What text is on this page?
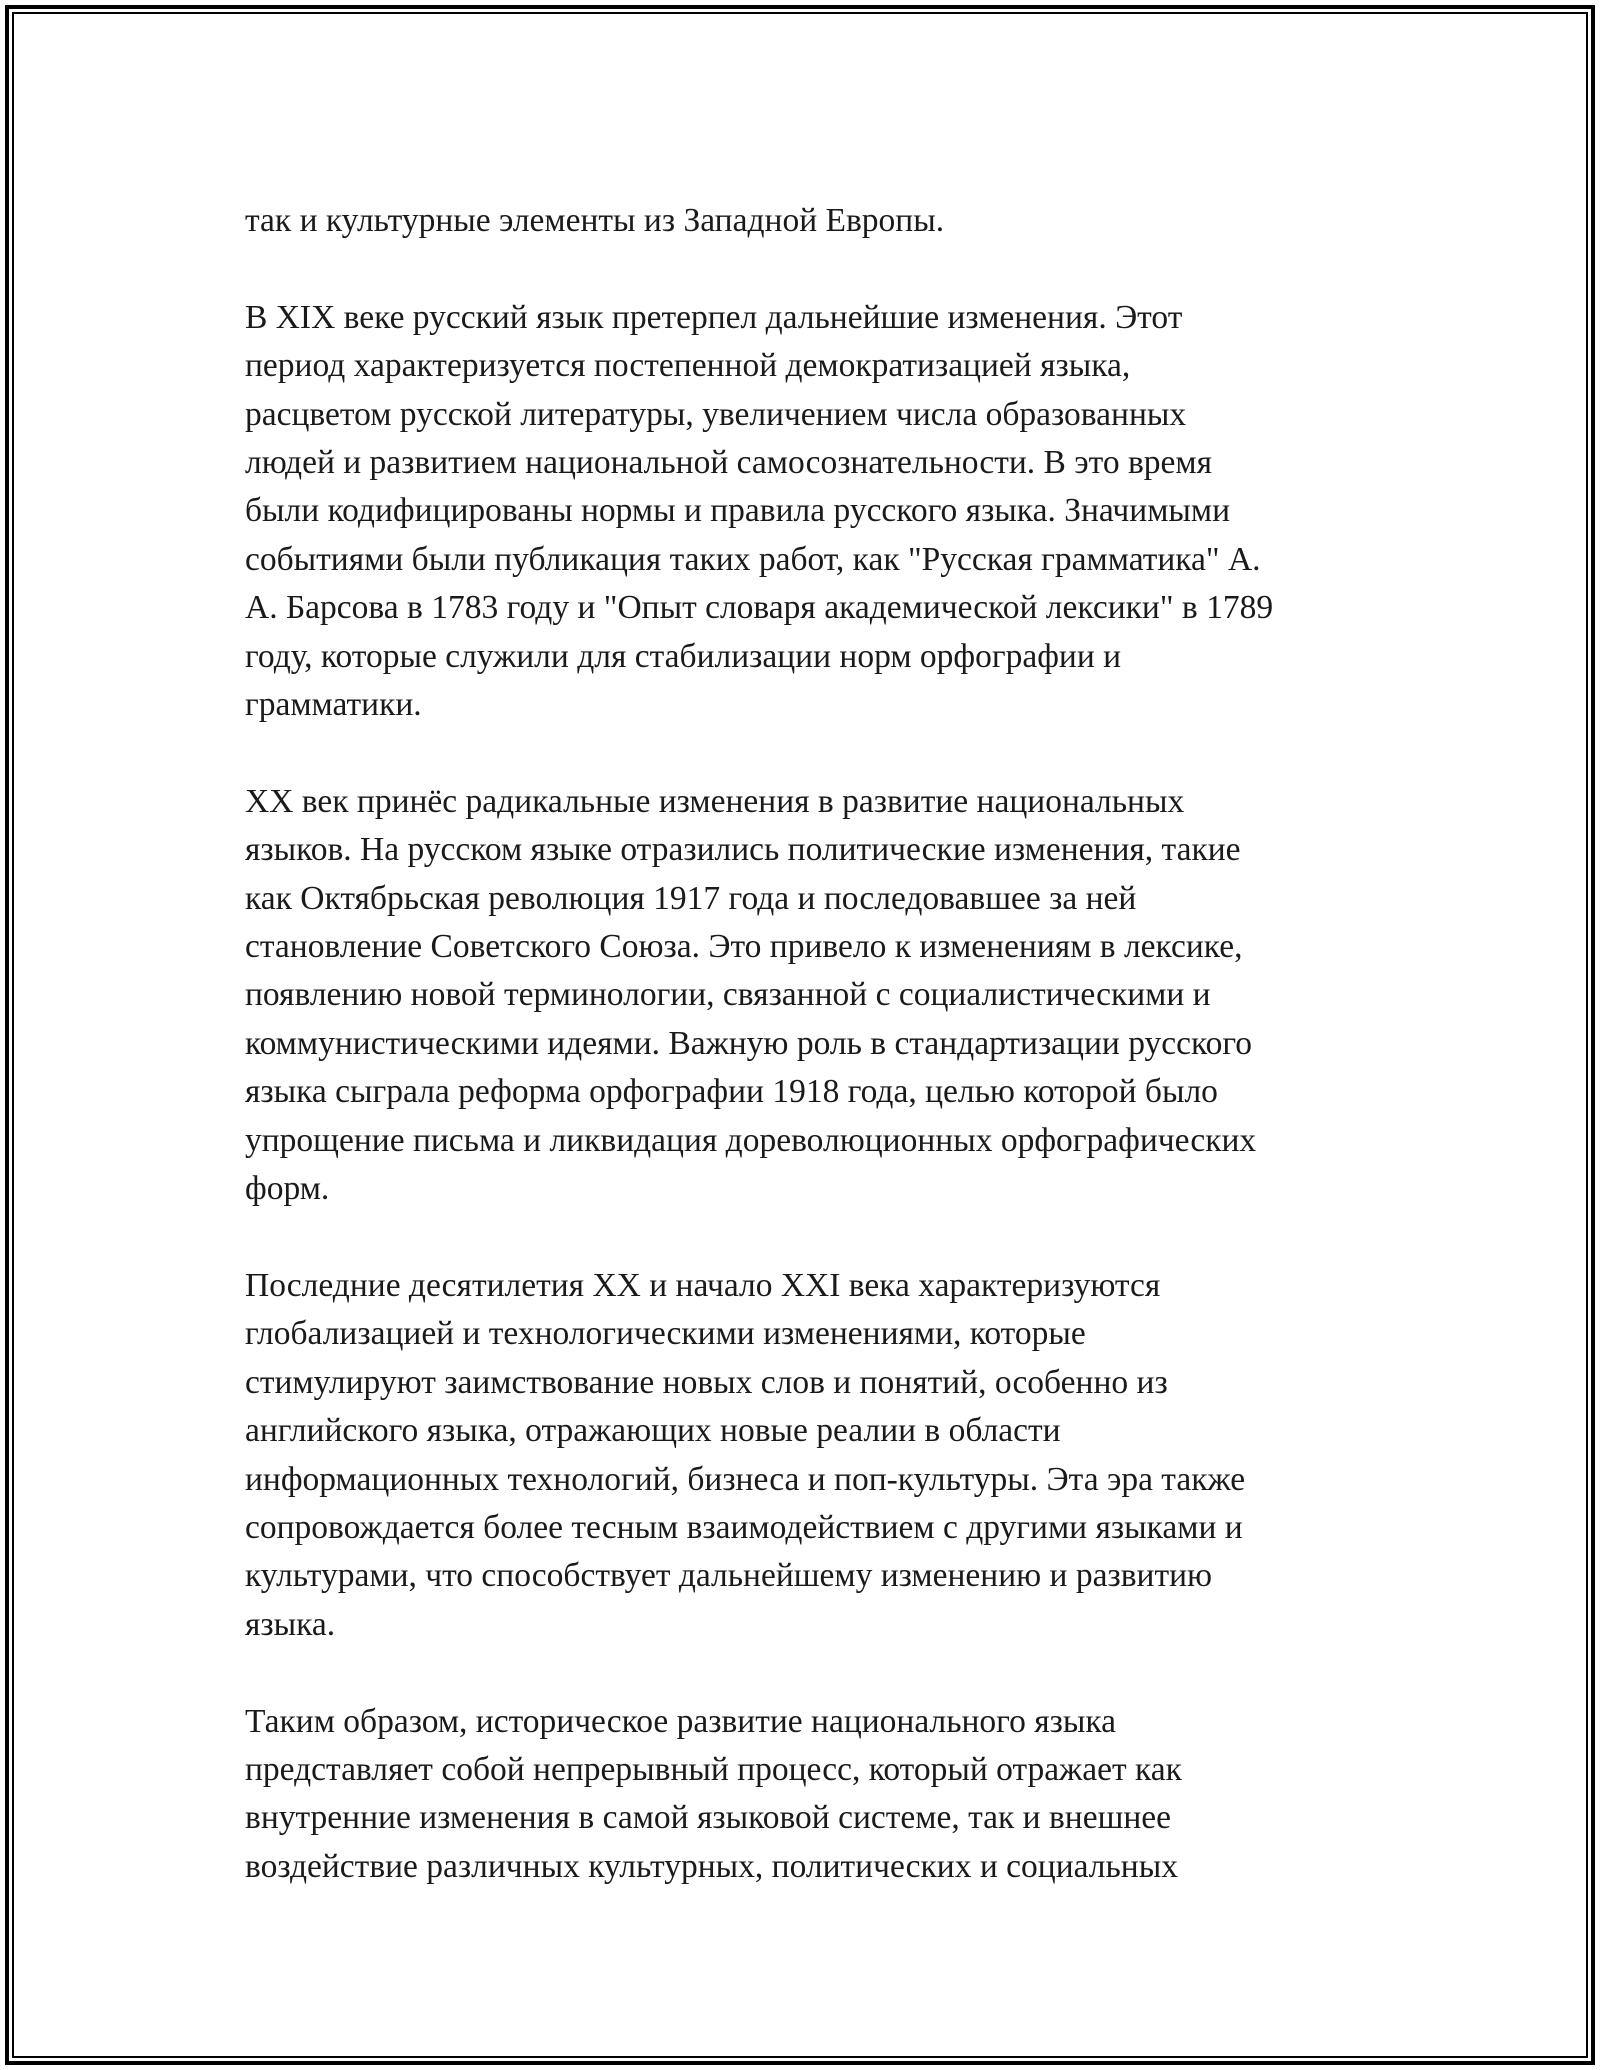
так и культурные элементы из Западной Европы.

В XIX веке русский язык претерпел дальнейшие изменения. Этот
период характеризуется постепенной демократизацией языка,
расцветом русской литературы, увеличением числа образованных
людей и развитием национальной самосознательности. В это время
были кодифицированы нормы и правила русского языка. Значимыми
событиями были публикация таких работ, как "Русская грамматика" А.
А. Барсова в 1783 году и "Опыт словаря академической лексики" в 1789
году, которые служили для стабилизации норм орфографии и
грамматики.

XX век принёс радикальные изменения в развитие национальных
языков. На русском языке отразились политические изменения, такие
как Октябрьская революция 1917 года и последовавшее за ней
становление Советского Союза. Это привело к изменениям в лексике,
появлению новой терминологии, связанной с социалистическими и
коммунистическими идеями. Важную роль в стандартизации русского
языка сыграла реформа орфографии 1918 года, целью которой было
упрощение письма и ликвидация дореволюционных орфографических
форм.

Последние десятилетия XX и начало XXI века характеризуются
глобализацией и технологическими изменениями, которые
стимулируют заимствование новых слов и понятий, особенно из
английского языка, отражающих новые реалии в области
информационных технологий, бизнеса и поп-культуры. Эта эра также
сопровождается более тесным взаимодействием с другими языками и
культурами, что способствует дальнейшему изменению и развитию
языка.

Таким образом, историческое развитие национального языка
представляет собой непрерывный процесс, который отражает как
внутренние изменения в самой языковой системе, так и внешнее
воздействие различных культурных, политических и социальных
